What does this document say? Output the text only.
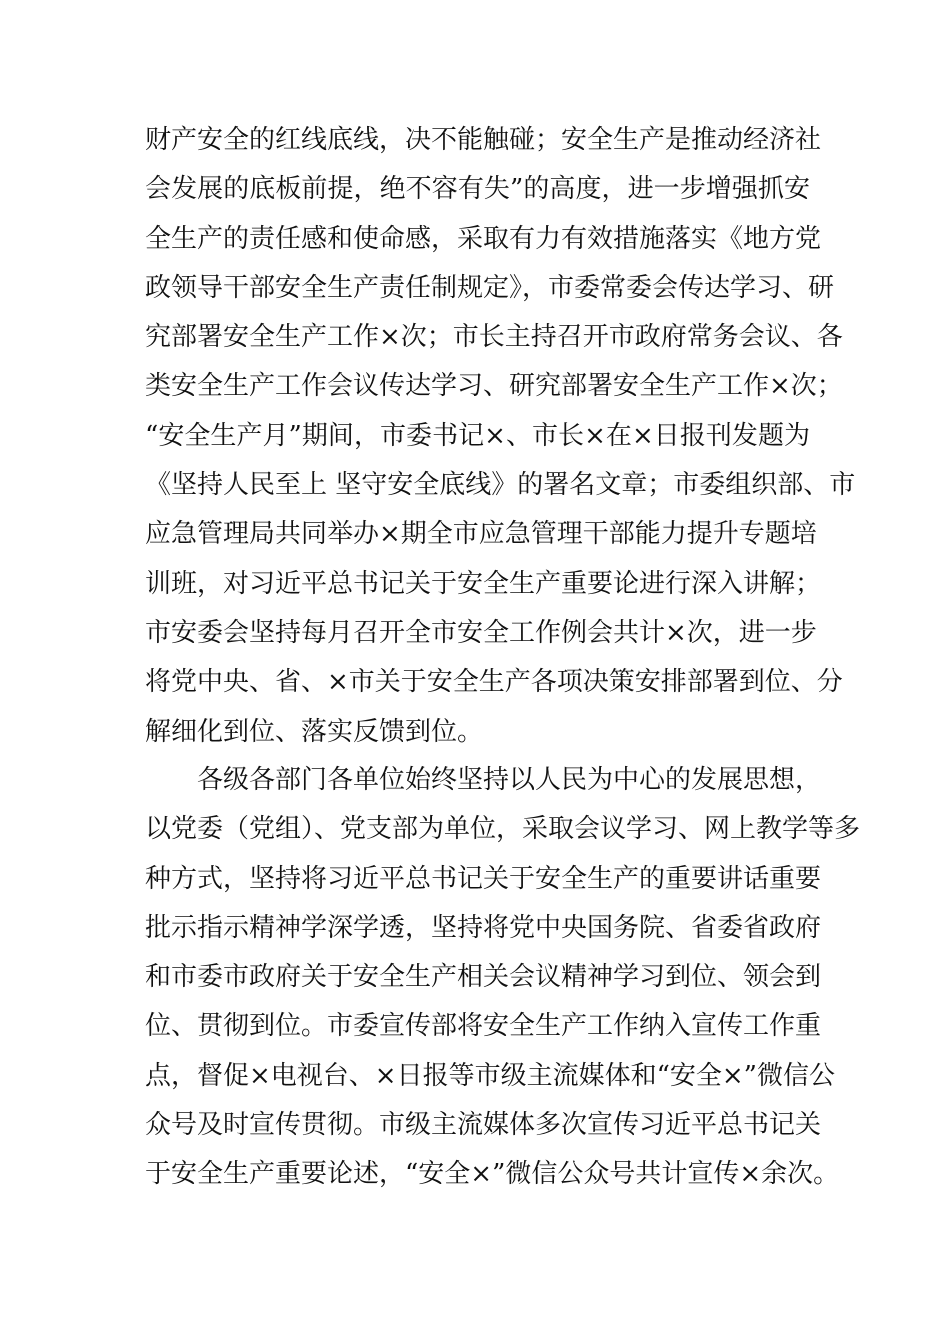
财产安全的红线底线，决不能触碰；安全生产是推动经济社
会发展的底板前提，绝不容有失”的高度，进一步增强抓安
全生产的责任感和使命感，采取有力有效措施落实《地方党
政领导干部安全生产责任制规定》，市委常委会传达学习、研
究部署安全生产工作×次；市长主持召开市政府常务会议、各
类安全生产工作会议传达学习、研究部署安全生产工作×次；
“安全生产月”期间，市委书记×、市长×在×日报刊发题为
《坚持人民至上 坚守安全底线》的署名文章；市委组织部、市
应急管理局共同举办×期全市应急管理干部能力提升专题培
训班，对习近平总书记关于安全生产重要论进行深入讲解；
市安委会坚持每月召开全市安全工作例会共计×次，进一步
将党中央、省、×市关于安全生产各项决策安排部署到位、分
解细化到位、落实反馈到位。
各级各部门各单位始终坚持以人民为中心的发展思想，
以党委（党组）、党支部为单位，采取会议学习、网上教学等多
种方式，坚持将习近平总书记关于安全生产的重要讲话重要
批示指示精神学深学透，坚持将党中央国务院、省委省政府
和市委市政府关于安全生产相关会议精神学习到位、领会到
位、贯彻到位。市委宣传部将安全生产工作纳入宣传工作重
点，督促×电视台、×日报等市级主流媒体和“安全×”微信公
众号及时宣传贯彻。市级主流媒体多次宣传习近平总书记关
于安全生产重要论述，“安全×”微信公众号共计宣传×余次。
